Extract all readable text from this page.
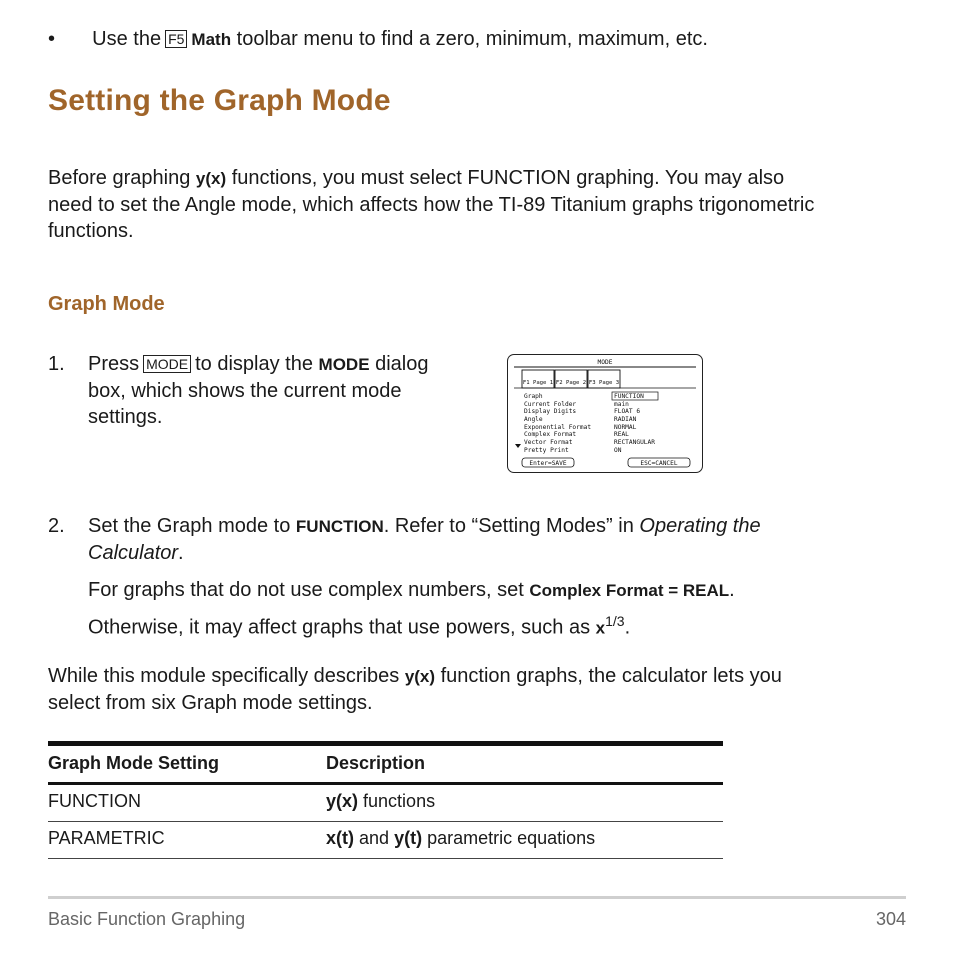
• Use the F5 Math toolbar menu to find a zero, minimum, maximum, etc.
Setting the Graph Mode
Before graphing y(x) functions, you must select FUNCTION graphing. You may also
need to set the Angle mode, which affects how the TI-89 Titanium graphs trigonometric
functions.
Graph Mode
1. Press MODE to display the MODE dialog
box, which shows the current mode
settings.
MODE
F1 Page 1 F2 Page 2 F3 Page 3
Graph	FUNCTION
Current Folder	main
Display Digits	FLOAT 6
Angle	RADIAN
Exponential Format	NORMAL
Complex Format	REAL
Vector Format	RECTANGULAR
Pretty Print	ON
Enter=SAVE	ESC=CANCEL
2. Set the Graph mode to FUNCTION. Refer to “Setting Modes” in Operating the
Calculator.
For graphs that do not use complex numbers, set Complex Format = REAL.
Otherwise, it may affect graphs that use powers, such as $x^{1/3}$.
While this module specifically describes y(x) function graphs, the calculator lets you
select from six Graph mode settings.
Graph Mode Setting	Description
FUNCTION	y(x) functions
PARAMETRIC	x(t) and y(t) parametric equations
Basic Function Graphing	304
